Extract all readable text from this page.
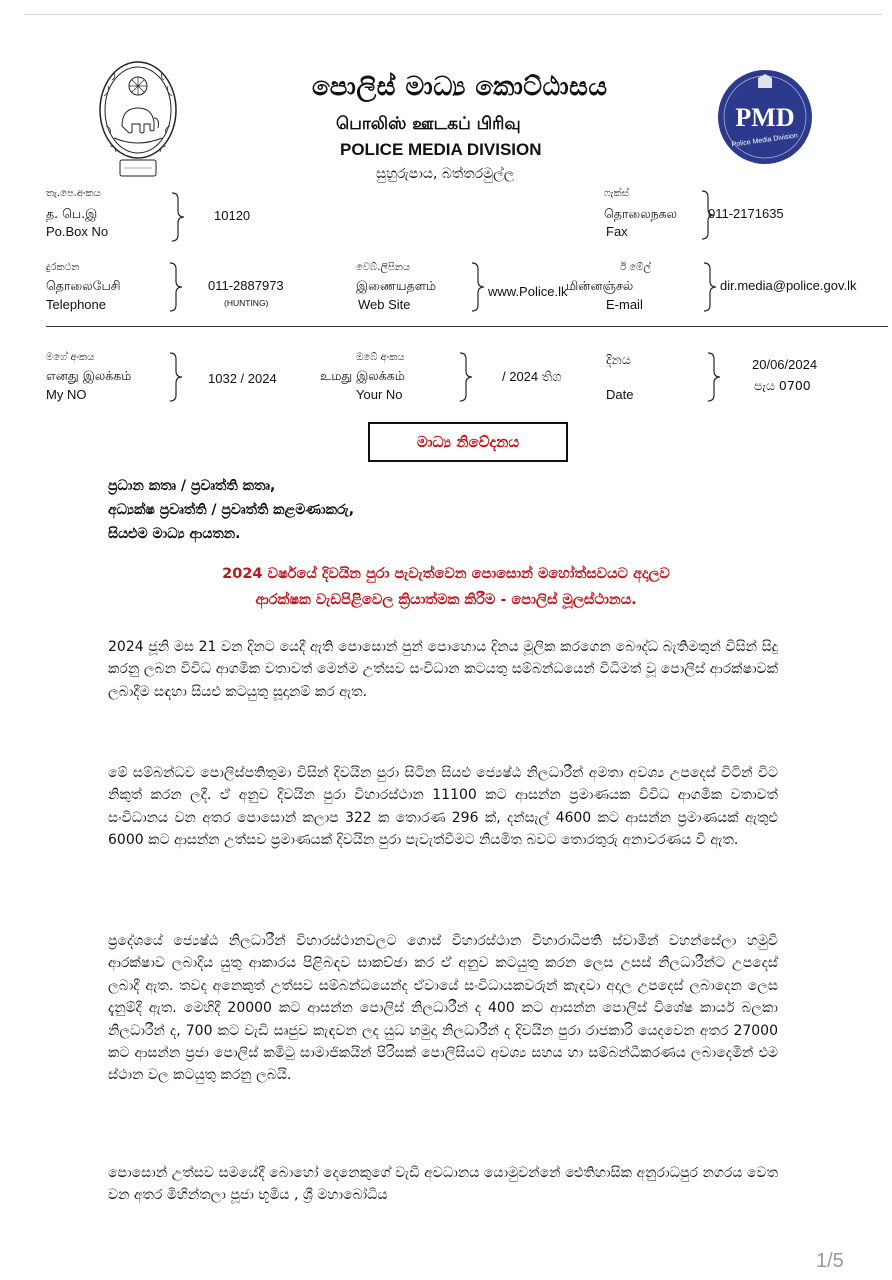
PMD
Police Media Division
පොලිස් මාධ්‍ය කොට්ඨාසය
பொலிஸ் ஊடகப் பிரிவு
POLICE MEDIA DIVISION
සුහුරුපාය, බත්තරමුල්ල
තැ.පෙ.අංකය
த. பெ.இ
Po.Box No
10120
ෆැක්ස්
தொலைநகல
Fax
011-2171635
දුරකථන
தொலைபேசி
Telephone
011-2887973
(HUNTING)
වෙබ්.ලිපිනය
இணையதளம்
Web Site
www.Police.lk
ඊ මේල්
மின்னஞ்சல்
E-mail
dir.media@police.gov.lk
මගේ අංකය
எனது இலக்கம்
My NO
1032 / 2024
ඔබේ අංකය
உமது இலக்கம்
Your No
/ 2024 තිග
දිනය
Date
20/06/2024
පැය 0700
මාධ්‍ය නිවේදනය
ප්‍රධාන කතෘ / ප්‍රවෘත්ති කතෘ,
අධ්‍යක්ෂ ප්‍රවෘත්ති / ප්‍රවෘත්ති කළමණාකරු,
සියළුම මාධ්‍ය ආයතන.
2024 වර්ෂයේ දිවයින පුරා පැවැත්වෙන පොසොන් මහෝත්සවයට අදාලව
ආරක්ෂක වැඩපිළිවෙල ක්‍රියාත්මක කිරීම - පොලිස් මූලස්ථානය.

2024 ජූනි මස 21 වන දිනට යෙදී ඇති පොසොන් පුන් පොහොය දිනය මූලික කරගෙන බෞද්ධ බැතිමතුන් විසින් සිදු කරනු ලබන විවිධ ආගමික වතාවත් මෙන්ම උත්සව සංවිධාන කටයතු සම්බන්ධයෙන් විධිමත් වූ පොලිස් ආරක්ෂාවක් ලබාදීම සඳහා සියළු කටයුතු සූදානම් කර ඇත.

මේ සම්බන්ධව පොලිස්පතිතුමා විසින් දිවයින පුරා සිටින සියළු ජ්‍යෙෂ්ඨ නිලධාරීන් අමතා අවශ්‍ය උපදෙස් විටින් විට නිකුත් කරන ලදී. ඒ අනුව දිවයින පුරා විහාරස්ථාන 11100 කට ආසන්න ප්‍රමාණයක විවිධ ආගමික වතාවත් සංවිධානය වන අතර පොසොන් කලාප 322 ක තොරණ 296 ක්, දන්සැල් 4600 කට ආසන්න ප්‍රමාණයක් ඇතුළු 6000 කට ආසන්න උත්සව ප්‍රමාණයක් දිවයින පුරා පැවැත්වීමට නියමිත බවට තොරතුරු අනාවරණය වී ඇත.

ප්‍රදේශයේ ජ්‍යෙෂ්ඨ නිලධාරීන් විහාරස්ථානවලට ගොස් විහාරස්ථාන විහාරාධිපති ස්වාමීන් වහන්සේලා හමුවී ආරක්ෂාව ලබාදිය යුතු ආකාරය පිළිබඳව සාකච්ඡා කර ඒ අනුව කටයුතු කරන ලෙස උසස් නිලධාරීන්ට උපදෙස් ලබාදී ඇත. තවද අනෙකුත් උත්සව සම්බන්ධයෙන්ද ඒවායේ සංවිධායකවරුන් කැඳවා අදාල උපදෙස් ලබාදෙන ලෙස දැනුම්දී ඇත. මෙහිදී 20000 කට ආසන්න පොලිස් නිලධාරීන් ද 400 කට ආසන්න පොලිස් විශේෂ කාර්ය බලකා නිලධාරීන් ද, 700 කට වැඩි සෘජුව කැඳවන ලද යුධ හමුදා නිලධාරීන් ද දිවයින පුරා රාජකාරි යෙදවෙන අතර 27000 කට ආසන්න ප්‍රජා පොලිස් කමිටු සාමාජිකයින් පිරිසක් පොලිසියට අවශ්‍ය සහය හා සම්බන්ධීකරණය ලබාදෙමින් එම ස්ථාන වල කටයුතු කරනු ලබයි.

පොසොන් උත්සව සමයේදී බොහෝ දෙනෙකුගේ වැඩි අවධානය යොමුවන්නේ ඓතිහාසික අනුරාධපුර නගරය වෙත වන අතර මිහින්තලා පූජා භූමිය , ශ්‍රී මහාබෝධිය

1/5
